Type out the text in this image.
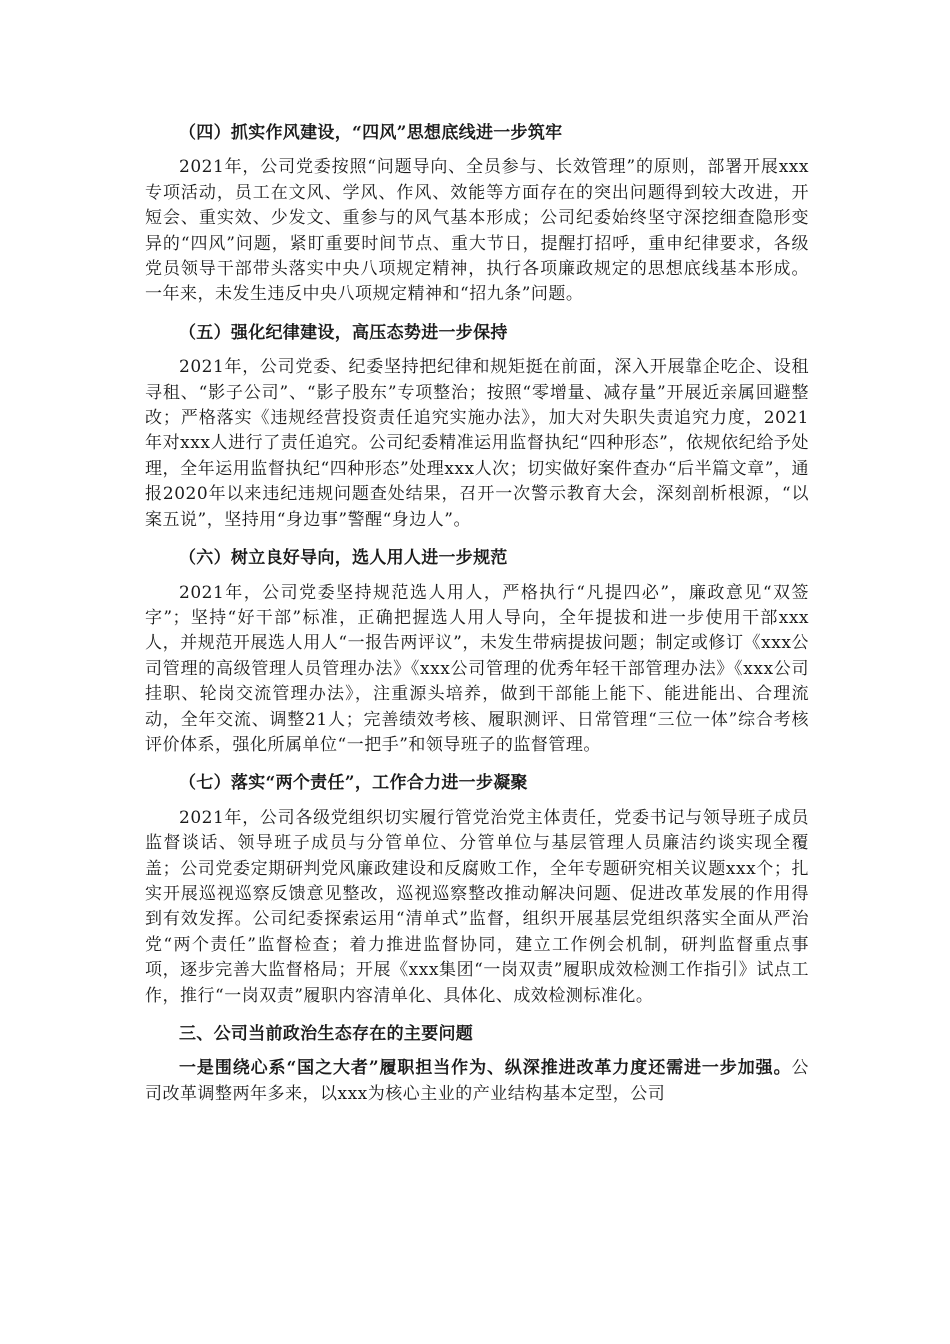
（四）抓实作风建设，“四风”思想底线进一步筑牢

2021年，公司党委按照“问题导向、全员参与、长效管理”的原则，部署开展xxx专项活动，员工在文风、学风、作风、效能等方面存在的突出问题得到较大改进，开短会、重实效、少发文、重参与的风气基本形成；公司纪委始终坚守深挖细查隐形变异的“四风”问题，紧盯重要时间节点、重大节日，提醒打招呼，重申纪律要求，各级党员领导干部带头落实中央八项规定精神，执行各项廉政规定的思想底线基本形成。一年来，未发生违反中央八项规定精神和“招九条”问题。

（五）强化纪律建设，高压态势进一步保持

2021年，公司党委、纪委坚持把纪律和规矩挺在前面，深入开展靠企吃企、设租寻租、“影子公司”、“影子股东”专项整治；按照“零增量、减存量”开展近亲属回避整改；严格落实《违规经营投资责任追究实施办法》，加大对失职失责追究力度，2021年对xxx人进行了责任追究。公司纪委精准运用监督执纪“四种形态”，依规依纪给予处理，全年运用监督执纪“四种形态”处理xxx人次；切实做好案件查办“后半篇文章”，通报2020年以来违纪违规问题查处结果，召开一次警示教育大会，深刻剖析根源，“以案五说”，坚持用“身边事”警醒“身边人”。

（六）树立良好导向，选人用人进一步规范

2021年，公司党委坚持规范选人用人，严格执行“凡提四必”，廉政意见“双签字”；坚持“好干部”标准，正确把握选人用人导向，全年提拔和进一步使用干部xxx人，并规范开展选人用人“一报告两评议”，未发生带病提拔问题；制定或修订《xxx公司管理的高级管理人员管理办法》《xxx公司管理的优秀年轻干部管理办法》《xxx公司挂职、轮岗交流管理办法》，注重源头培养，做到干部能上能下、能进能出、合理流动，全年交流、调整21人；完善绩效考核、履职测评、日常管理“三位一体”综合考核评价体系，强化所属单位“一把手”和领导班子的监督管理。

（七）落实“两个责任”，工作合力进一步凝聚

2021年，公司各级党组织切实履行管党治党主体责任，党委书记与领导班子成员监督谈话、领导班子成员与分管单位、分管单位与基层管理人员廉洁约谈实现全覆盖；公司党委定期研判党风廉政建设和反腐败工作，全年专题研究相关议题xxx个；扎实开展巡视巡察反馈意见整改，巡视巡察整改推动解决问题、促进改革发展的作用得到有效发挥。公司纪委探索运用“清单式”监督，组织开展基层党组织落实全面从严治党“两个责任”监督检查；着力推进监督协同，建立工作例会机制，研判监督重点事项，逐步完善大监督格局；开展《xxx集团“一岗双责”履职成效检测工作指引》试点工作，推行“一岗双责”履职内容清单化、具体化、成效检测标准化。

三、公司当前政治生态存在的主要问题

一是围绕心系“国之大者”履职担当作为、纵深推进改革力度还需进一步加强。公司改革调整两年多来，以xxx为核心主业的产业结构基本定型，公司
